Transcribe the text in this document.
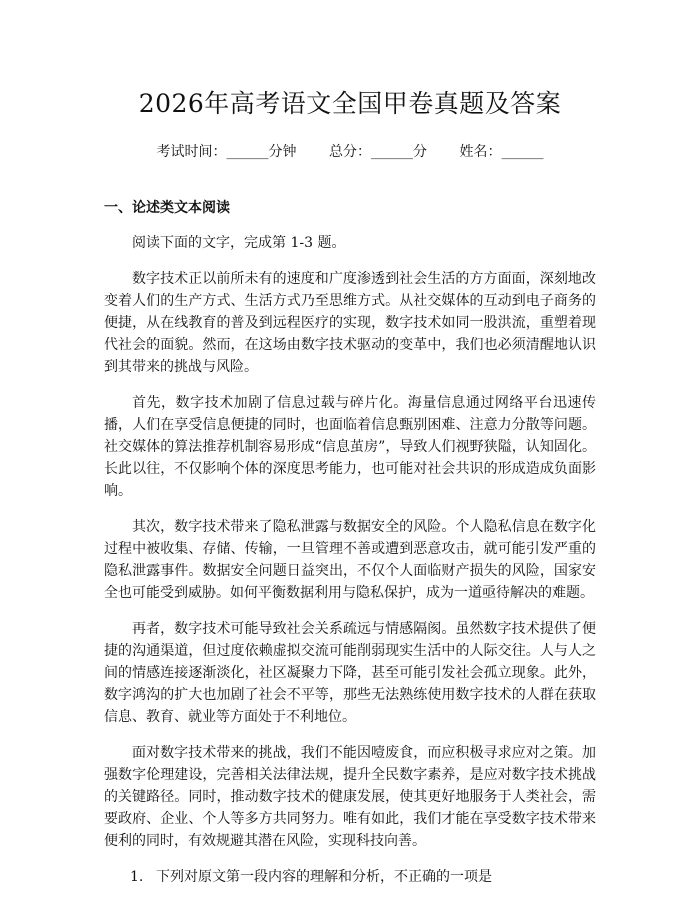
2026年高考语文全国甲卷真题及答案
考试时间：______分钟 总分：______分 姓名：______
一、论述类文本阅读

阅读下面的文字，完成第 1-3 题。

数字技术正以前所未有的速度和广度渗透到社会生活的方方面面，深刻地改变着人们的生产方式、生活方式乃至思维方式。从社交媒体的互动到电子商务的便捷，从在线教育的普及到远程医疗的实现，数字技术如同一股洪流，重塑着现代社会的面貌。然而，在这场由数字技术驱动的变革中，我们也必须清醒地认识到其带来的挑战与风险。

首先，数字技术加剧了信息过载与碎片化。海量信息通过网络平台迅速传播，人们在享受信息便捷的同时，也面临着信息甄别困难、注意力分散等问题。社交媒体的算法推荐机制容易形成“信息茧房”，导致人们视野狭隘，认知固化。长此以往，不仅影响个体的深度思考能力，也可能对社会共识的形成造成负面影响。

其次，数字技术带来了隐私泄露与数据安全的风险。个人隐私信息在数字化过程中被收集、存储、传输，一旦管理不善或遭到恶意攻击，就可能引发严重的隐私泄露事件。数据安全问题日益突出，不仅个人面临财产损失的风险，国家安全也可能受到威胁。如何平衡数据利用与隐私保护，成为一道亟待解决的难题。

再者，数字技术可能导致社会关系疏远与情感隔阂。虽然数字技术提供了便捷的沟通渠道，但过度依赖虚拟交流可能削弱现实生活中的人际交往。人与人之间的情感连接逐渐淡化，社区凝聚力下降，甚至可能引发社会孤立现象。此外，数字鸿沟的扩大也加剧了社会不平等，那些无法熟练使用数字技术的人群在获取信息、教育、就业等方面处于不利地位。

面对数字技术带来的挑战，我们不能因噎废食，而应积极寻求应对之策。加强数字伦理建设，完善相关法律法规，提升全民数字素养，是应对数字技术挑战的关键路径。同时，推动数字技术的健康发展，使其更好地服务于人类社会，需要政府、企业、个人等多方共同努力。唯有如此，我们才能在享受数字技术带来便利的同时，有效规避其潜在风险，实现科技向善。

1. 下列对原文第一段内容的理解和分析，不正确的一项是
